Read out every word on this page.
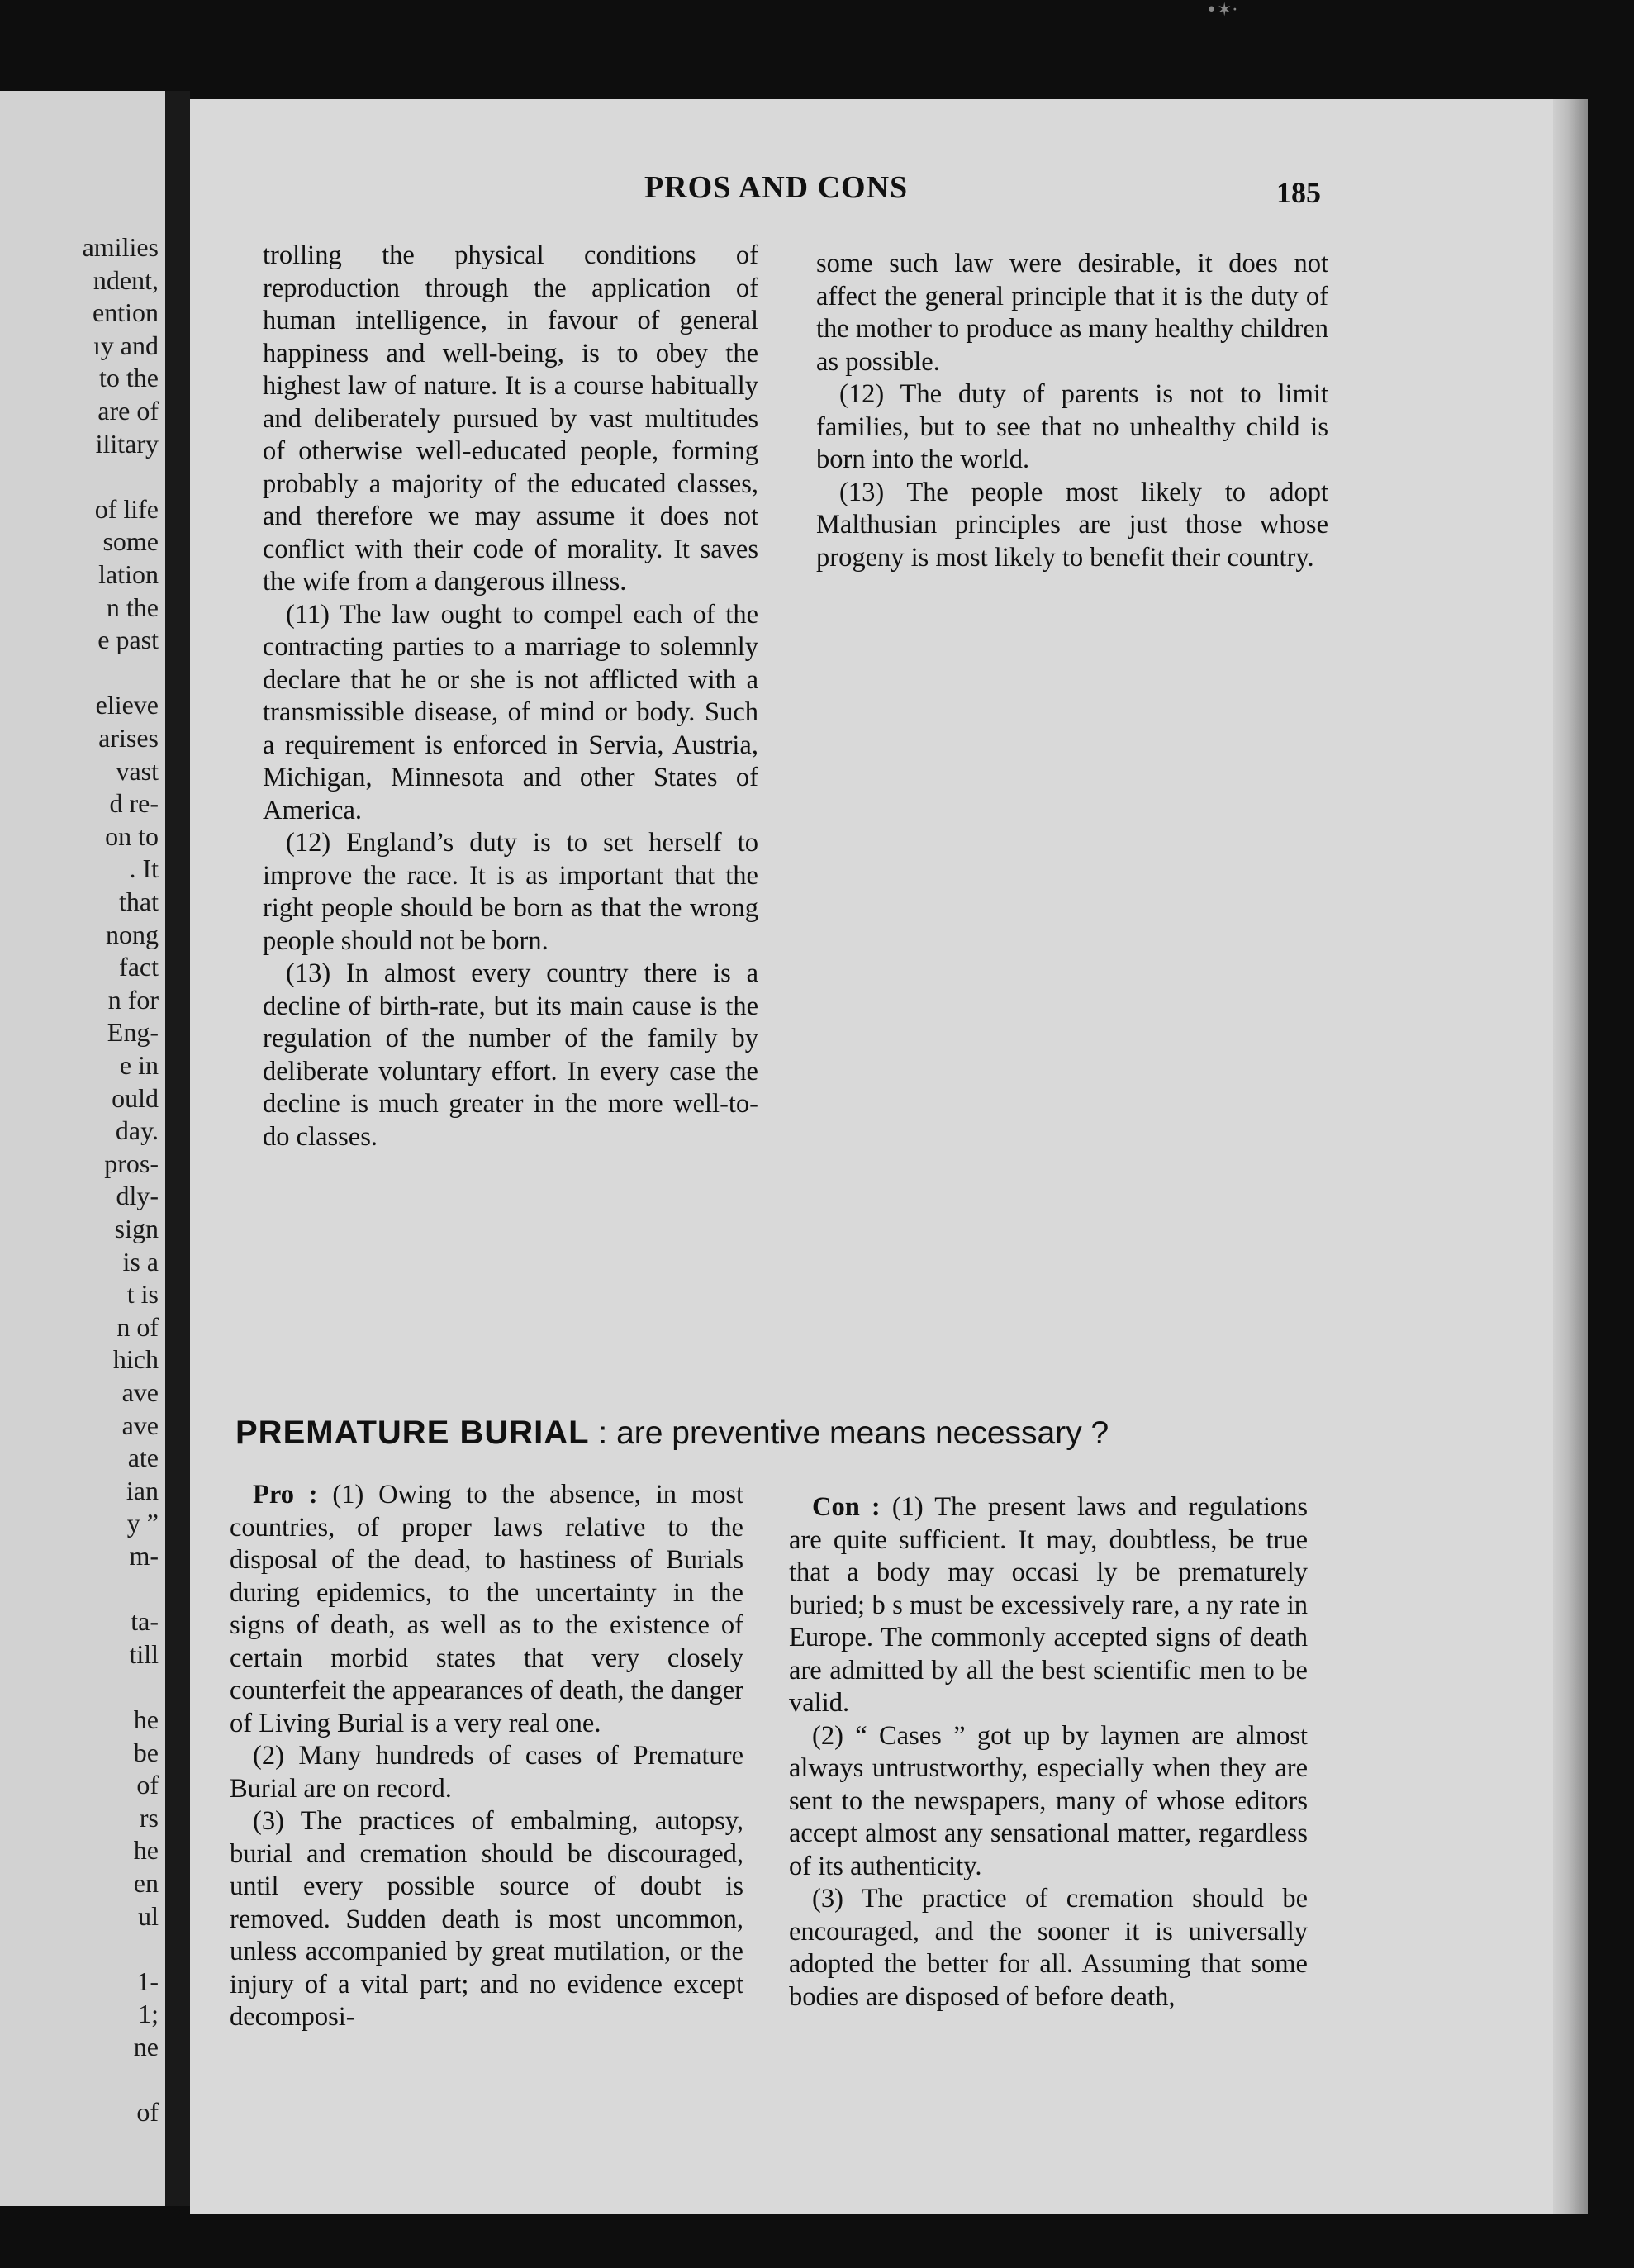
•✶·
amilies
ndent,
ention
ıy and
to the
are of
ilitary
of life
some
lation
n the
e past
elieve
arises
vast
d re-
on to
. It
that
nong
fact
n for
Eng-
e in
ould
day.
pros-
dly-
sign
is a
t is
n of
hich
ave
ave
ate
ian
y ”
m-
ta-
till
he
be
of
rs
he
en
ul
1-
1;
ne
of
PROS AND CONS	185

trolling the physical conditions of reproduction through the application of human intelligence, in favour of general happiness and well-being, is to obey the highest law of nature. It is a course habitually and deliberately pursued by vast multitudes of otherwise well-educated people, forming probably a majority of the educated classes, and therefore we may assume it does not conflict with their code of morality. It saves the wife from a dangerous illness.

(11) The law ought to compel each of the contracting parties to a marriage to solemnly declare that he or she is not afflicted with a transmissible disease, of mind or body. Such a requirement is enforced in Servia, Austria, Michigan, Minnesota and other States of America.

(12) England’s duty is to set herself to improve the race. It is as important that the right people should be born as that the wrong people should not be born.

(13) In almost every country there is a decline of birth-rate, but its main cause is the regulation of the number of the family by deliberate voluntary effort. In every case the decline is much greater in the more well-to-do classes.

some such law were desirable, it does not affect the general principle that it is the duty of the mother to produce as many healthy children as possible.

(12) The duty of parents is not to limit families, but to see that no unhealthy child is born into the world.

(13) The people most likely to adopt Malthusian principles are just those whose progeny is most likely to benefit their country.

PREMATURE BURIAL : are preventive means necessary ?

Pro : (1) Owing to the absence, in most countries, of proper laws relative to the disposal of the dead, to hastiness of Burials during epidemics, to the uncertainty in the signs of death, as well as to the existence of certain morbid states that very closely counterfeit the appearances of death, the danger of Living Burial is a very real one.

(2) Many hundreds of cases of Premature Burial are on record.

(3) The practices of embalming, autopsy, burial and cremation should be discouraged, until every possible source of doubt is removed. Sudden death is most uncommon, unless accompanied by great mutilation, or the injury of a vital part; and no evidence except decomposi-

Con : (1) The present laws and regulations are quite sufficient. It may, doubtless, be true that a body may occasi ly be prematurely buried; b s must be excessively rare, a ny rate in Europe. The commonly accepted signs of death are admitted by all the best scientific men to be valid.

(2) “ Cases ” got up by laymen are almost always untrustworthy, especially when they are sent to the newspapers, many of whose editors accept almost any sensational matter, regardless of its authenticity.

(3) The practice of cremation should be encouraged, and the sooner it is universally adopted the better for all. Assuming that some bodies are disposed of before death,
